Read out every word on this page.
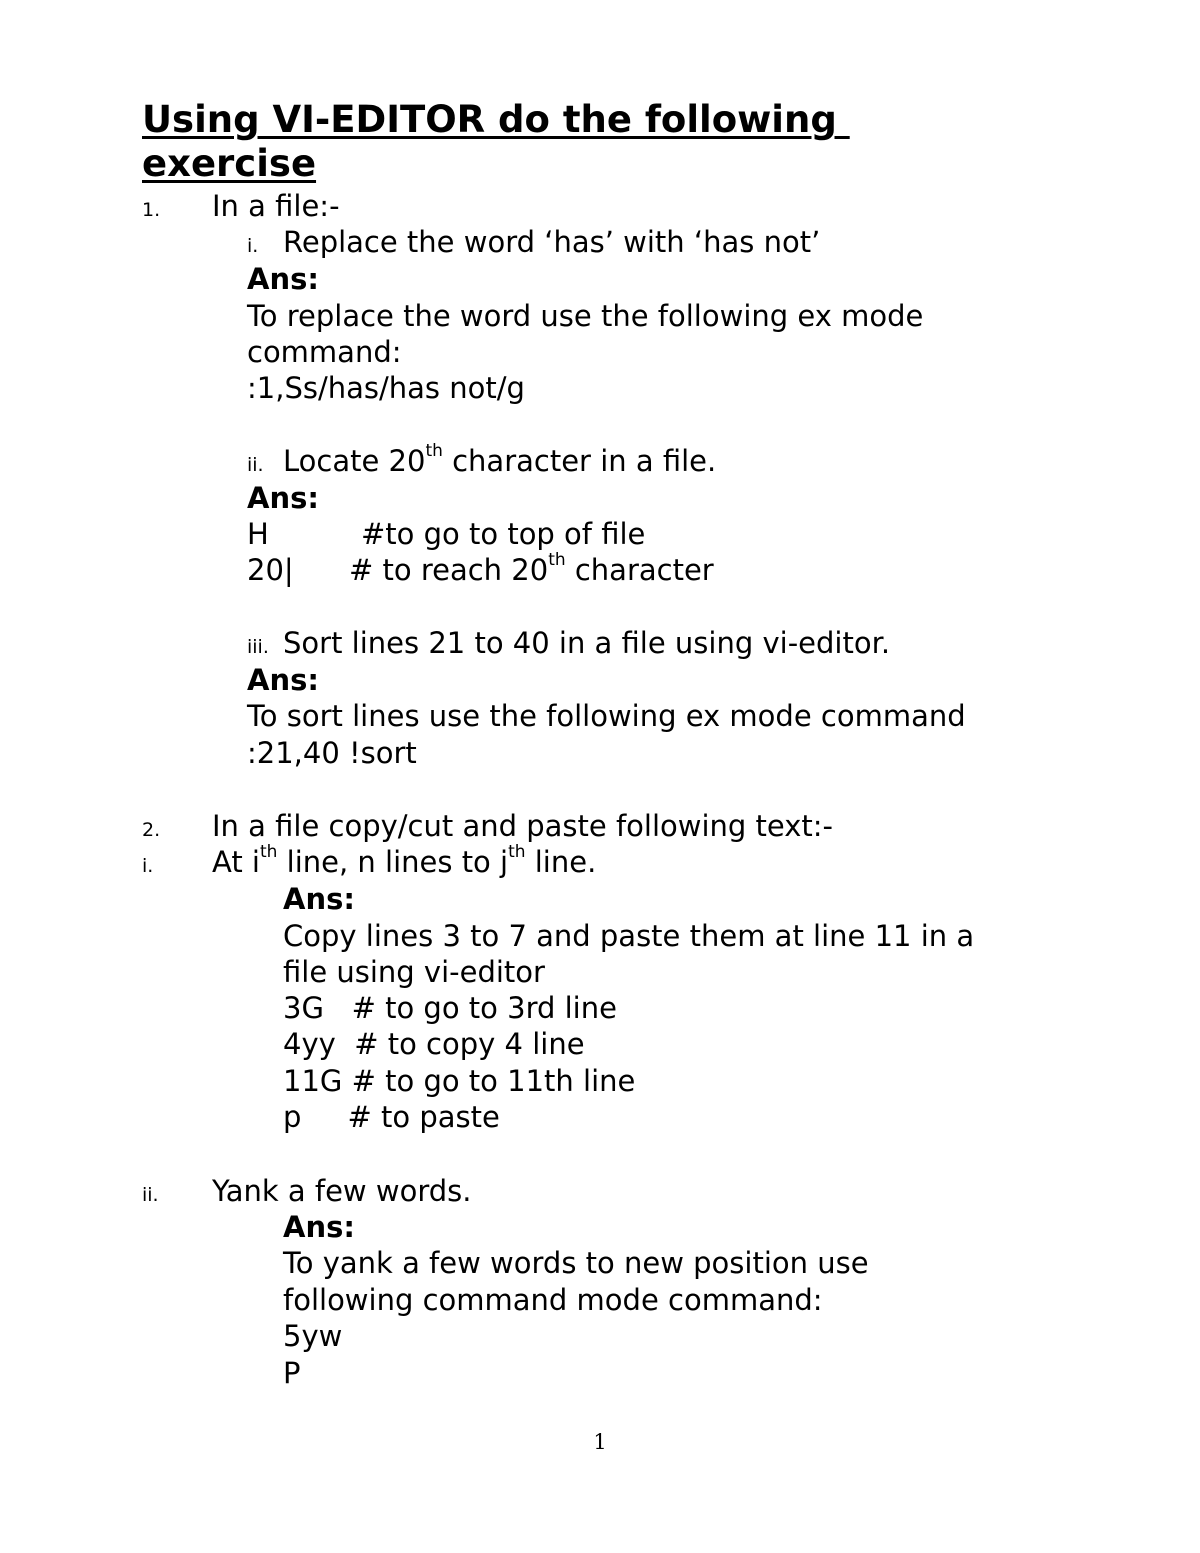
Using VI-EDITOR do the following
exercise
1. In a file:-
i. Replace the word ‘has’ with ‘has not’
Ans:
To replace the word use the following ex mode
command:
:1,Ss/has/has not/g
ii. Locate 20th character in a file.
Ans:
H          #to go to top of file
20|      # to reach 20th character
iii. Sort lines 21 to 40 in a file using vi-editor.
Ans:
To sort lines use the following ex mode command
:21,40 !sort
2. In a file copy/cut and paste following text:-
i. At $i^{th}$ line, n lines to $j^{th}$ line.
Ans:
Copy lines 3 to 7 and paste them at line 11 in a
file using vi-editor
3G   # to go to 3rd line
4yy  # to copy 4 line
11G # to go to 11th line
p     # to paste
ii. Yank a few words.
Ans:
To yank a few words to new position use
following command mode command:
5yw
P
1
